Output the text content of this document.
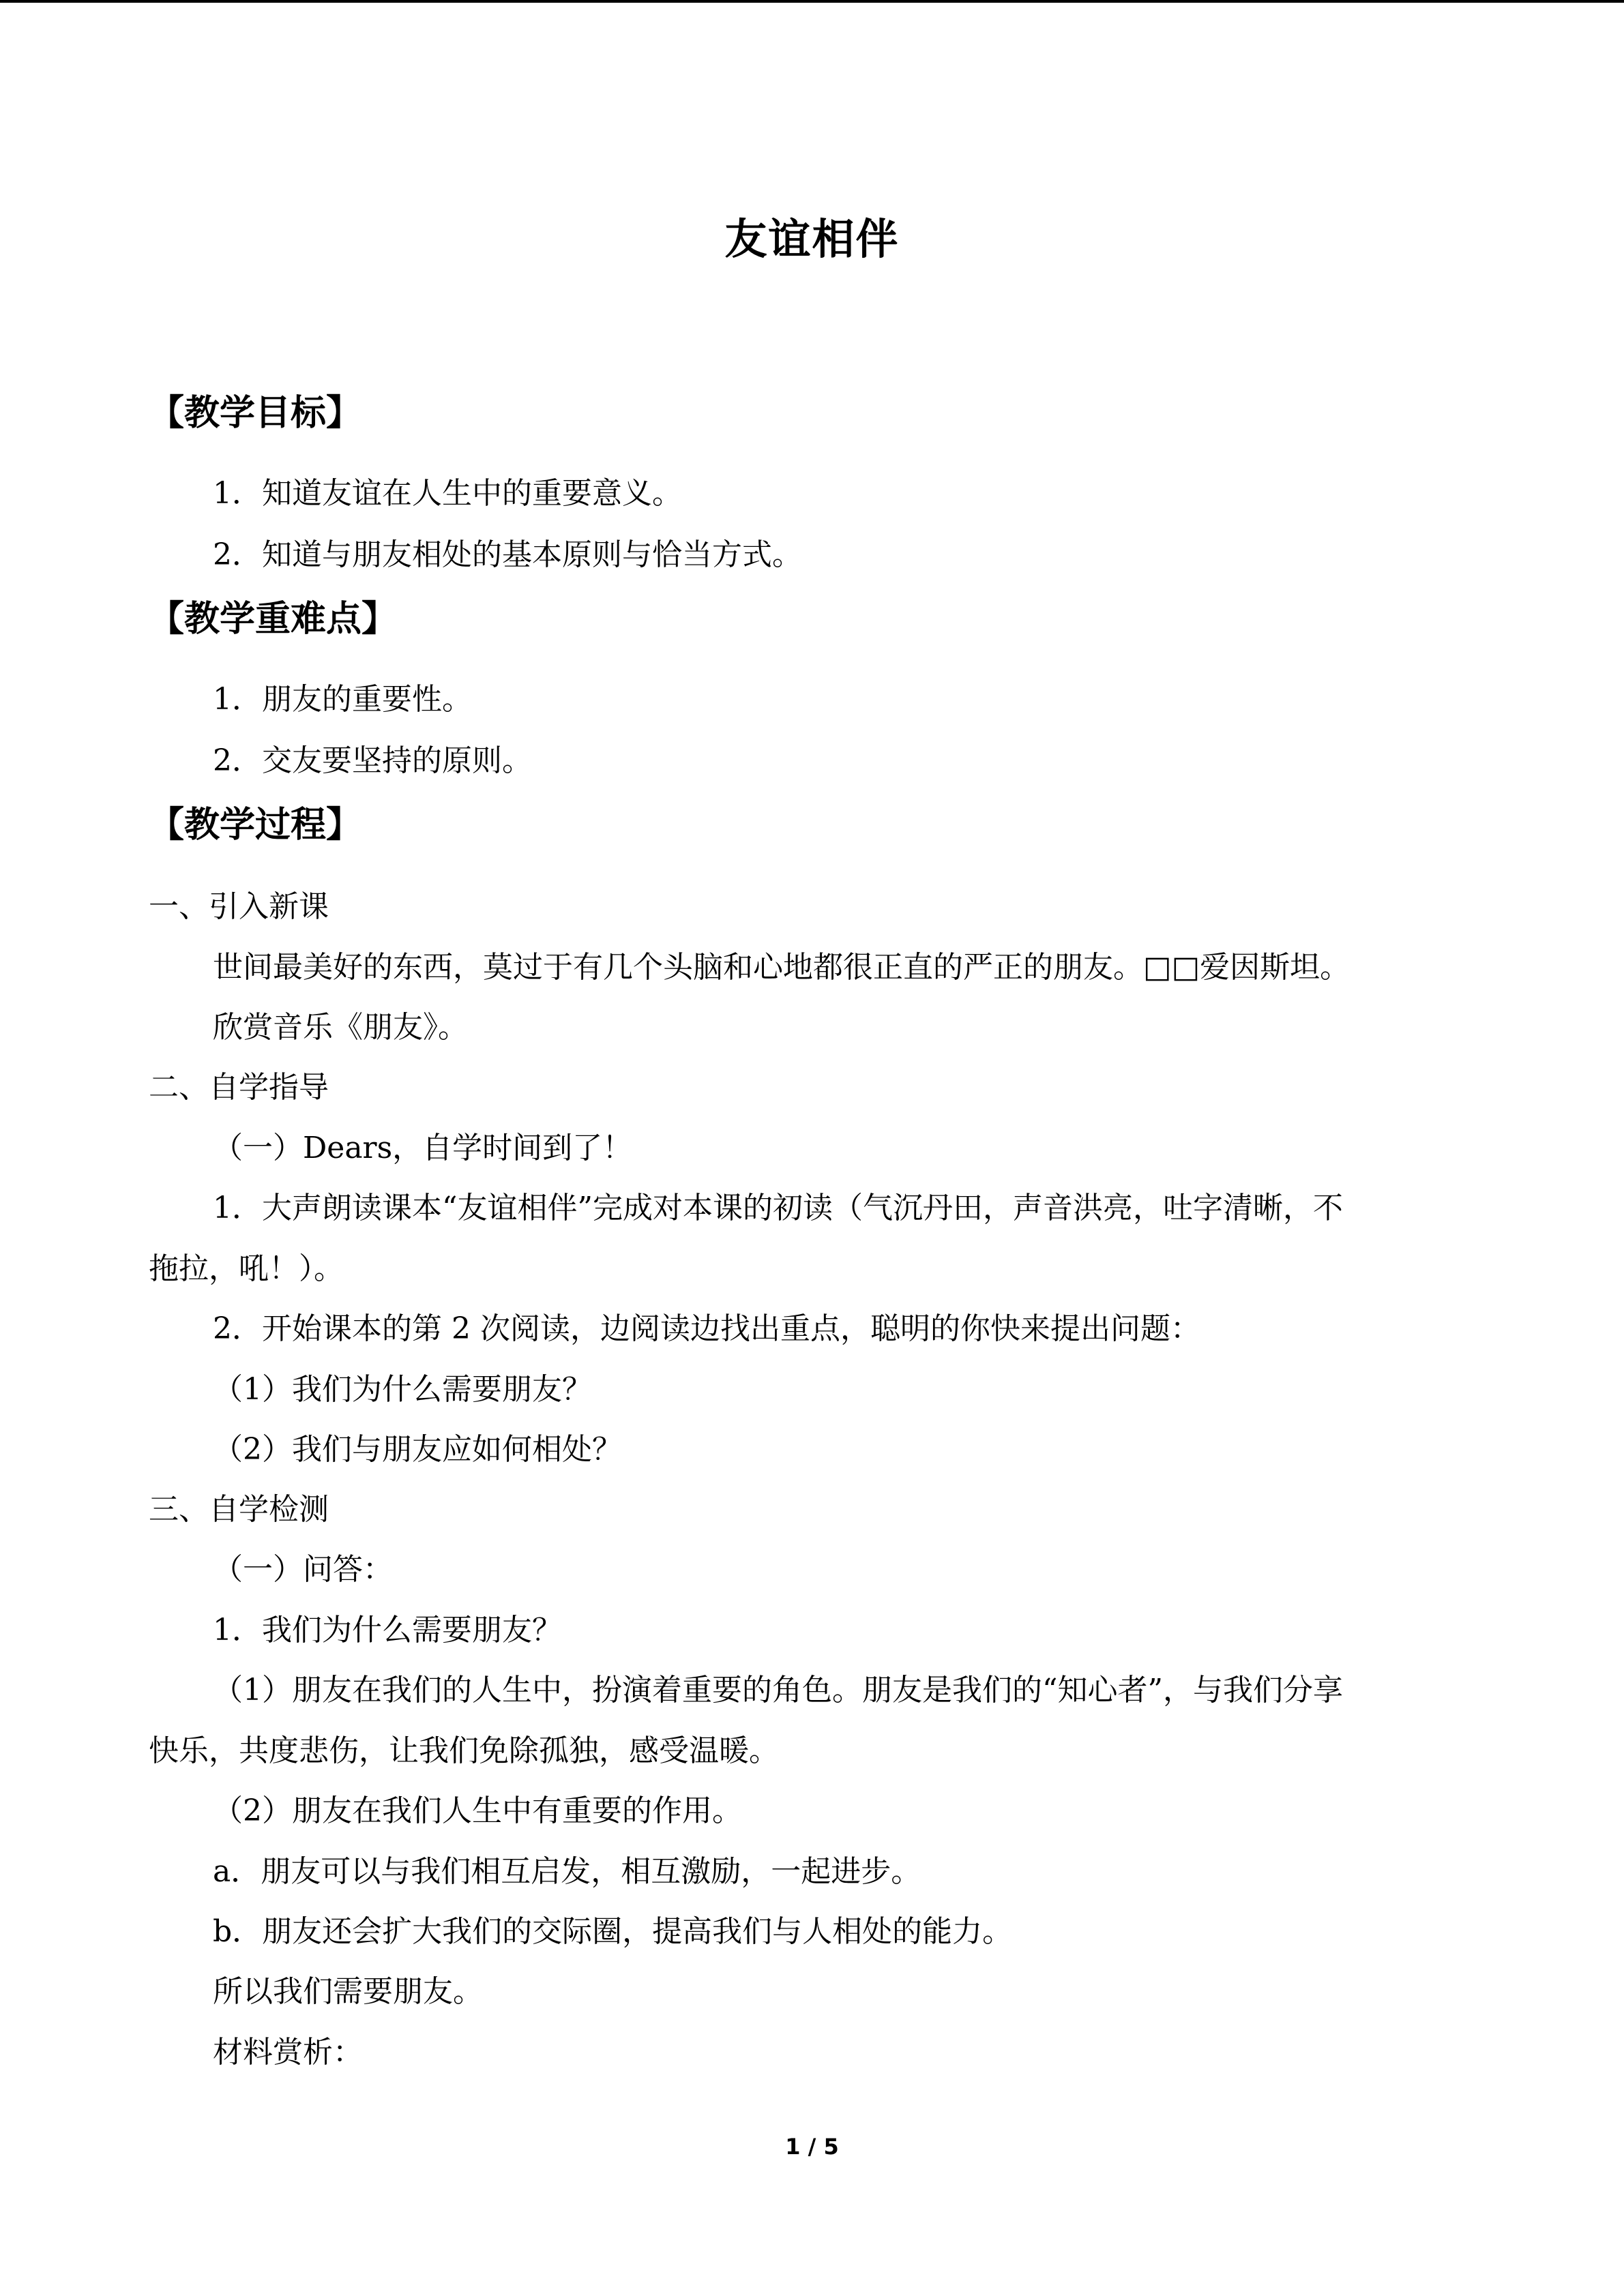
友谊相伴
【教学目标】
1．知道友谊在人生中的重要意义。
2．知道与朋友相处的基本原则与恰当方式。
【教学重难点】
1．朋友的重要性。
2．交友要坚持的原则。
【教学过程】
一、引入新课
世间最美好的东西，莫过于有几个头脑和心地都很正直的严正的朋友。□□爱因斯坦。
欣赏音乐《朋友》。
二、自学指导
（一）Dears，自学时间到了！
1．大声朗读课本“友谊相伴”完成对本课的初读（气沉丹田，声音洪亮，吐字清晰，不
拖拉，吼！）。
2．开始课本的第 2 次阅读，边阅读边找出重点，聪明的你快来提出问题：
（1）我们为什么需要朋友？
（2）我们与朋友应如何相处？
三、自学检测
（一）问答：
1．我们为什么需要朋友？
（1）朋友在我们的人生中，扮演着重要的角色。朋友是我们的“知心者”，与我们分享
快乐，共度悲伤，让我们免除孤独，感受温暖。
（2）朋友在我们人生中有重要的作用。
a．朋友可以与我们相互启发，相互激励，一起进步。
b．朋友还会扩大我们的交际圈，提高我们与人相处的能力。
所以我们需要朋友。
材料赏析：
1 / 5
